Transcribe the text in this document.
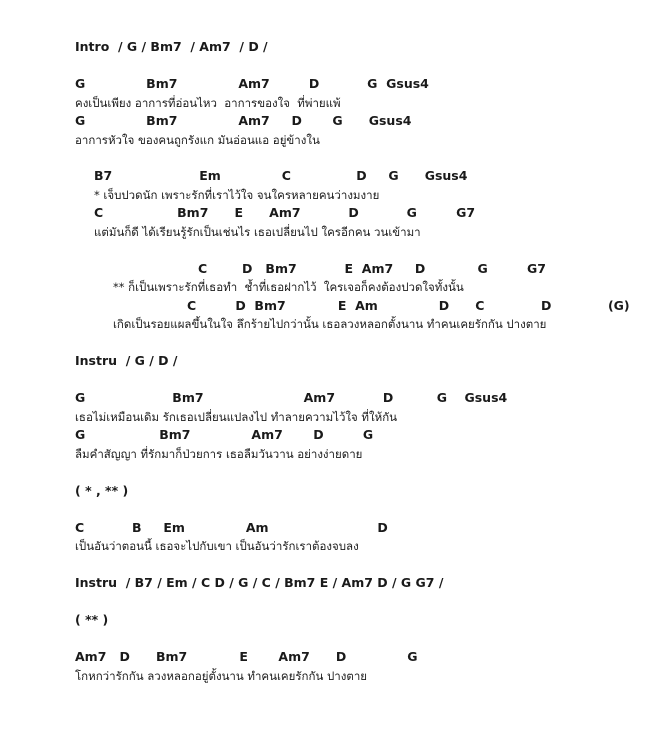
Intro  / G / Bm7  / Am7  / D /
G              Bm7              Am7         D           G  Gsus4
คงเป็นเพียง อาการที่อ่อนไหว  อาการของใจ  ที่พ่ายแพ้
G              Bm7              Am7     D       G      Gsus4
อาการหัวใจ ของคนถูกรังแก มันอ่อนแอ อยู่ข้างใน
B7                    Em              C               D     G      Gsus4
* เจ็บปวดนัก เพราะรักที่เราไว้ใจ จนใครหลายคนว่างมงาย
C                 Bm7      E      Am7           D           G         G7
แต่มันก็ดี ได้เรียนรู้รักเป็นเช่นไร เธอเปลี่ยนไป ใครอีกคน วนเข้ามา
C        D   Bm7           E  Am7     D            G         G7
** ก็เป็นเพราะรักที่เธอทำ  ช้ำที่เธอฝากไว้  ใครเจอก็คงต้องปวดใจทั้งนั้น
C         D  Bm7            E  Am              D      C             D             (G)
เกิดเป็นรอยแผลขึ้นในใจ ลึกร้ายไปกว่านั้น เธอลวงหลอกตั้งนาน ทำคนเคยรักกัน ปางตาย
Instru  / G / D /
G                    Bm7                       Am7           D          G    Gsus4
เธอไม่เหมือนเดิม รักเธอเปลี่ยนแปลงไป ทำลายความไว้ใจ ที่ให้กัน
G                 Bm7              Am7       D         G
ลืมคำสัญญา ที่รักมาก็ป่วยการ เธอลืมวันวาน อย่างง่ายดาย
( * , ** )
C           B     Em              Am                         D
เป็นอันว่าตอนนี้ เธอจะไปกับเขา เป็นอันว่ารักเราต้องจบลง
Instru  / B7 / Em / C D / G / C / Bm7 E / Am7 D / G G7 /
( ** )
Am7   D      Bm7            E       Am7      D              G
โกหกว่ารักกัน ลวงหลอกอยู่ตั้งนาน ทำคนเคยรักกัน ปางตาย
